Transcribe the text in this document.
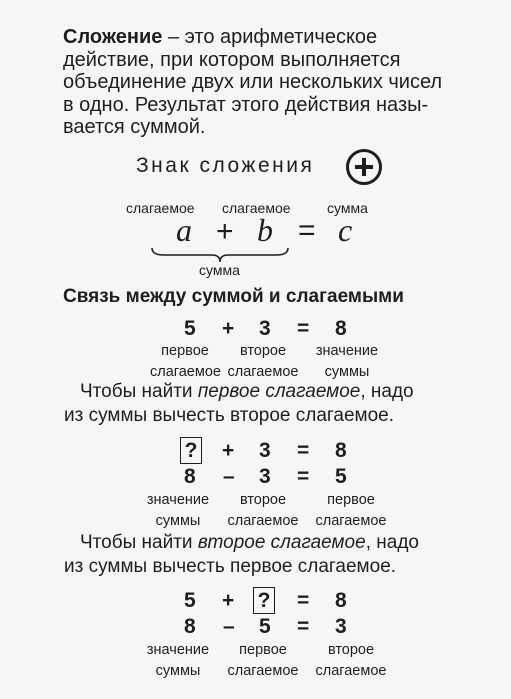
Сложение – это арифметическое
действие, при котором выполняется
объединение двух или нескольких чисел
в одно. Результат этого действия назы-
вается суммой.
Знак сложения
слагаемое слагаемое	сумма
a + b = c
сумма
Связь между суммой и слагаемыми
5 + 3 = 8
первое
слагаемое
второе
слагаемое
значение
суммы
Чтобы найти первое слагаемое, надо
из суммы вычесть второе слагаемое.
? + 3 = 8
8 – 3 = 5
значение
суммы
второе
слагаемое
первое
слагаемое
Чтобы найти второе слагаемое, надо
из суммы вычесть первое слагаемое.
5 + ? = 8
8 – 5 = 3
значение
суммы
первое
слагаемое
второе
слагаемое
